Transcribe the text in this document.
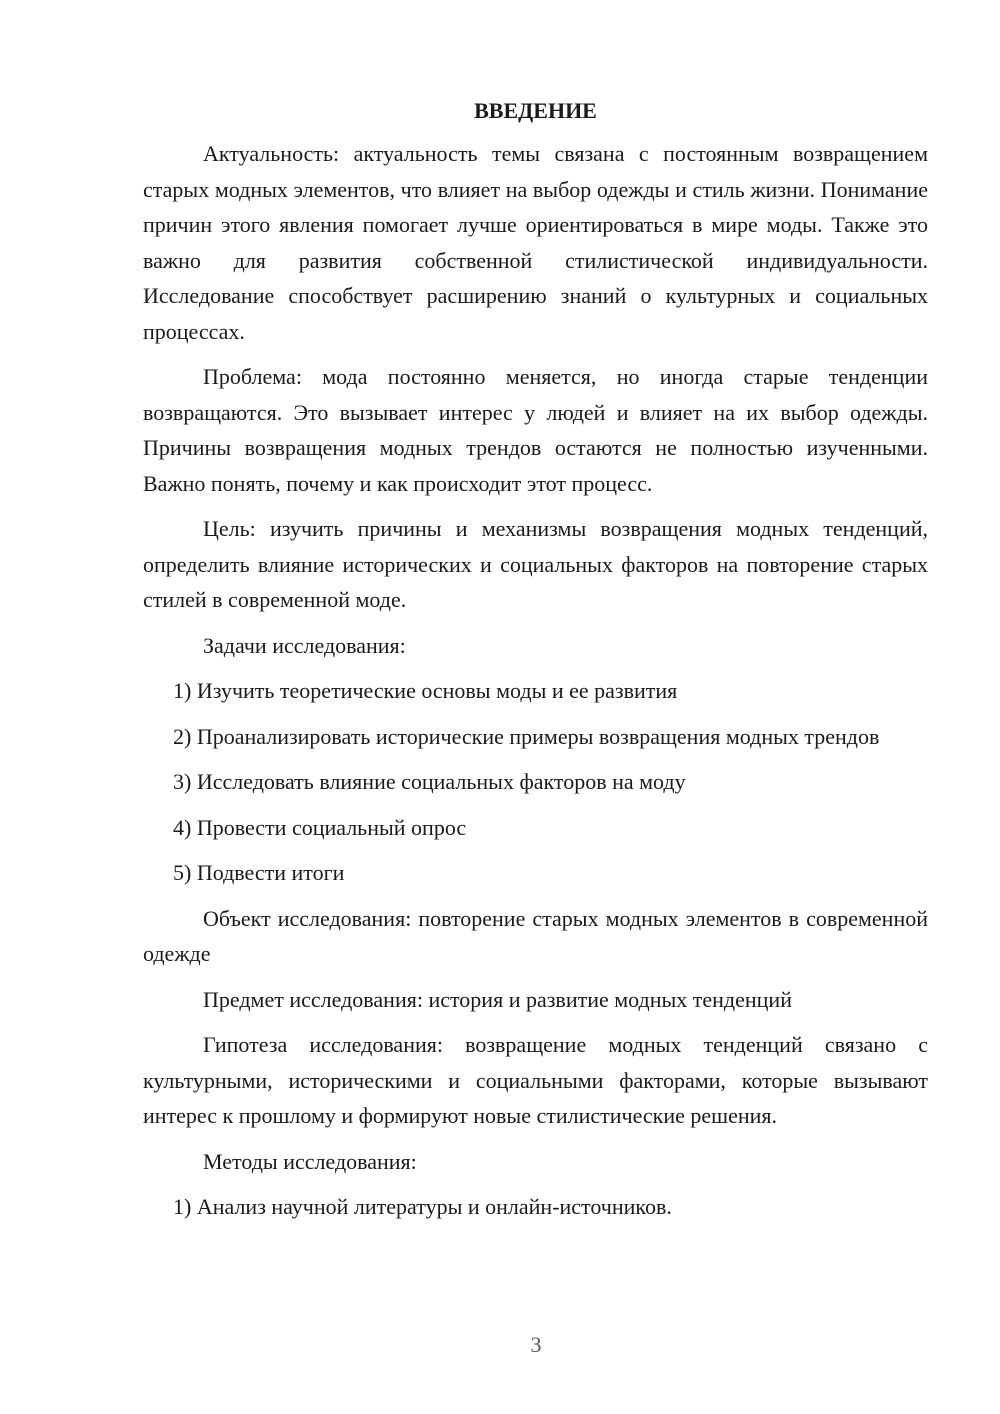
ВВЕДЕНИЕ

Актуальность: актуальность темы связана с постоянным возвращением старых модных элементов, что влияет на выбор одежды и стиль жизни. Понимание причин этого явления помогает лучше ориентироваться в мире моды. Также это важно для развития собственной стилистической индивидуальности. Исследование способствует расширению знаний о культурных и социальных процессах.

Проблема: мода постоянно меняется, но иногда старые тенденции возвращаются. Это вызывает интерес у людей и влияет на их выбор одежды. Причины возвращения модных трендов остаются не полностью изученными. Важно понять, почему и как происходит этот процесс.

Цель: изучить причины и механизмы возвращения модных тенденций, определить влияние исторических и социальных факторов на повторение старых стилей в современной моде.

Задачи исследования:

1) Изучить теоретические основы моды и ее развития

2) Проанализировать исторические примеры возвращения модных трендов

3) Исследовать влияние социальных факторов на моду

4) Провести социальный опрос

5) Подвести итоги

Объект исследования: повторение старых модных элементов в современной одежде

Предмет исследования: история и развитие модных тенденций

Гипотеза исследования: возвращение модных тенденций связано с культурными, историческими и социальными факторами, которые вызывают интерес к прошлому и формируют новые стилистические решения.

Методы исследования:

1) Анализ научной литературы и онлайн-источников.

3
